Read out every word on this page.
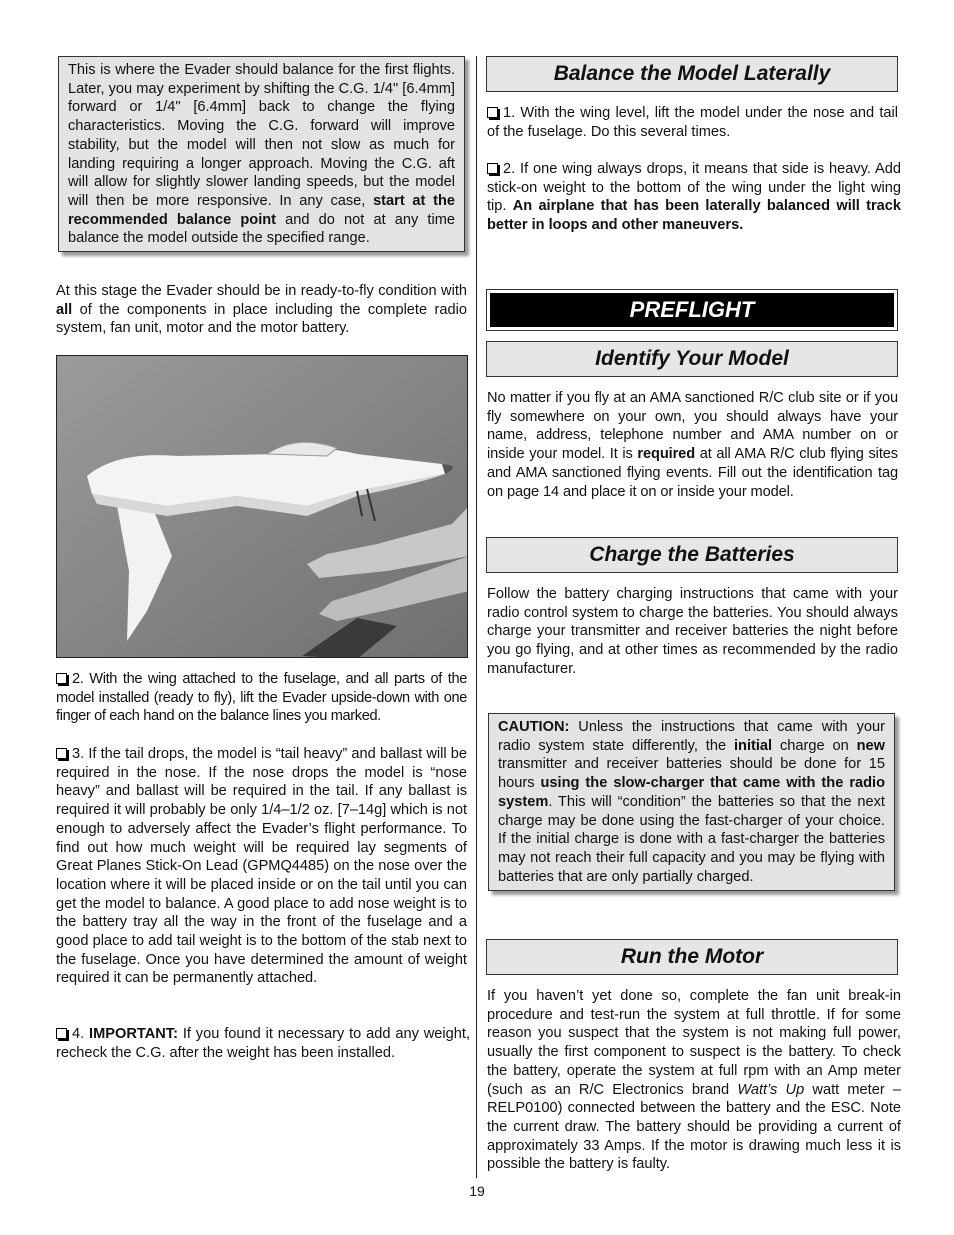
This is where the Evader should balance for the first flights. Later, you may experiment by shifting the C.G. 1/4" [6.4mm] forward or 1/4" [6.4mm] back to change the flying characteristics. Moving the C.G. forward will improve stability, but the model will then not slow as much for landing requiring a longer approach. Moving the C.G. aft will allow for slightly slower landing speeds, but the model will then be more responsive. In any case, start at the recommended balance point and do not at any time balance the model outside the specified range.

At this stage the Evader should be in ready-to-fly condition with all of the components in place including the complete radio system, fan unit, motor and the motor battery.

2. With the wing attached to the fuselage, and all parts of the model installed (ready to fly), lift the Evader upside-down with one finger of each hand on the balance lines you marked.

3. If the tail drops, the model is “tail heavy” and ballast will be required in the nose. If the nose drops the model is “nose heavy” and ballast will be required in the tail. If any ballast is required it will probably be only 1/4–1/2 oz. [7–14g] which is not enough to adversely affect the Evader’s flight performance. To find out how much weight will be required lay segments of Great Planes Stick-On Lead (GPMQ4485) on the nose over the location where it will be placed inside or on the tail until you can get the model to balance. A good place to add nose weight is to the battery tray all the way in the front of the fuselage and a good place to add tail weight is to the bottom of the stab next to the fuselage. Once you have determined the amount of weight required it can be permanently attached.

4. IMPORTANT: If you found it necessary to add any weight, recheck the C.G. after the weight has been installed.

Balance the Model Laterally

1. With the wing level, lift the model under the nose and tail of the fuselage. Do this several times.

2. If one wing always drops, it means that side is heavy. Add stick-on weight to the bottom of the wing under the light wing tip. An airplane that has been laterally balanced will track better in loops and other maneuvers.

PREFLIGHT
Identify Your Model

No matter if you fly at an AMA sanctioned R/C club site or if you fly somewhere on your own, you should always have your name, address, telephone number and AMA number on or inside your model. It is required at all AMA R/C club flying sites and AMA sanctioned flying events. Fill out the identification tag on page 14 and place it on or inside your model.

Charge the Batteries

Follow the battery charging instructions that came with your radio control system to charge the batteries. You should always charge your transmitter and receiver batteries the night before you go flying, and at other times as recommended by the radio manufacturer.

CAUTION: Unless the instructions that came with your radio system state differently, the initial charge on new transmitter and receiver batteries should be done for 15 hours using the slow-charger that came with the radio system. This will “condition” the batteries so that the next charge may be done using the fast-charger of your choice. If the initial charge is done with a fast-charger the batteries may not reach their full capacity and you may be flying with batteries that are only partially charged.

Run the Motor

If you haven’t yet done so, complete the fan unit break-in procedure and test-run the system at full throttle. If for some reason you suspect that the system is not making full power, usually the first component to suspect is the battery. To check the battery, operate the system at full rpm with an Amp meter (such as an R/C Electronics brand Watt’s Up watt meter – RELP0100) connected between the battery and the ESC. Note the current draw. The battery should be providing a current of approximately 33 Amps. If the motor is drawing much less it is possible the battery is faulty.

19
